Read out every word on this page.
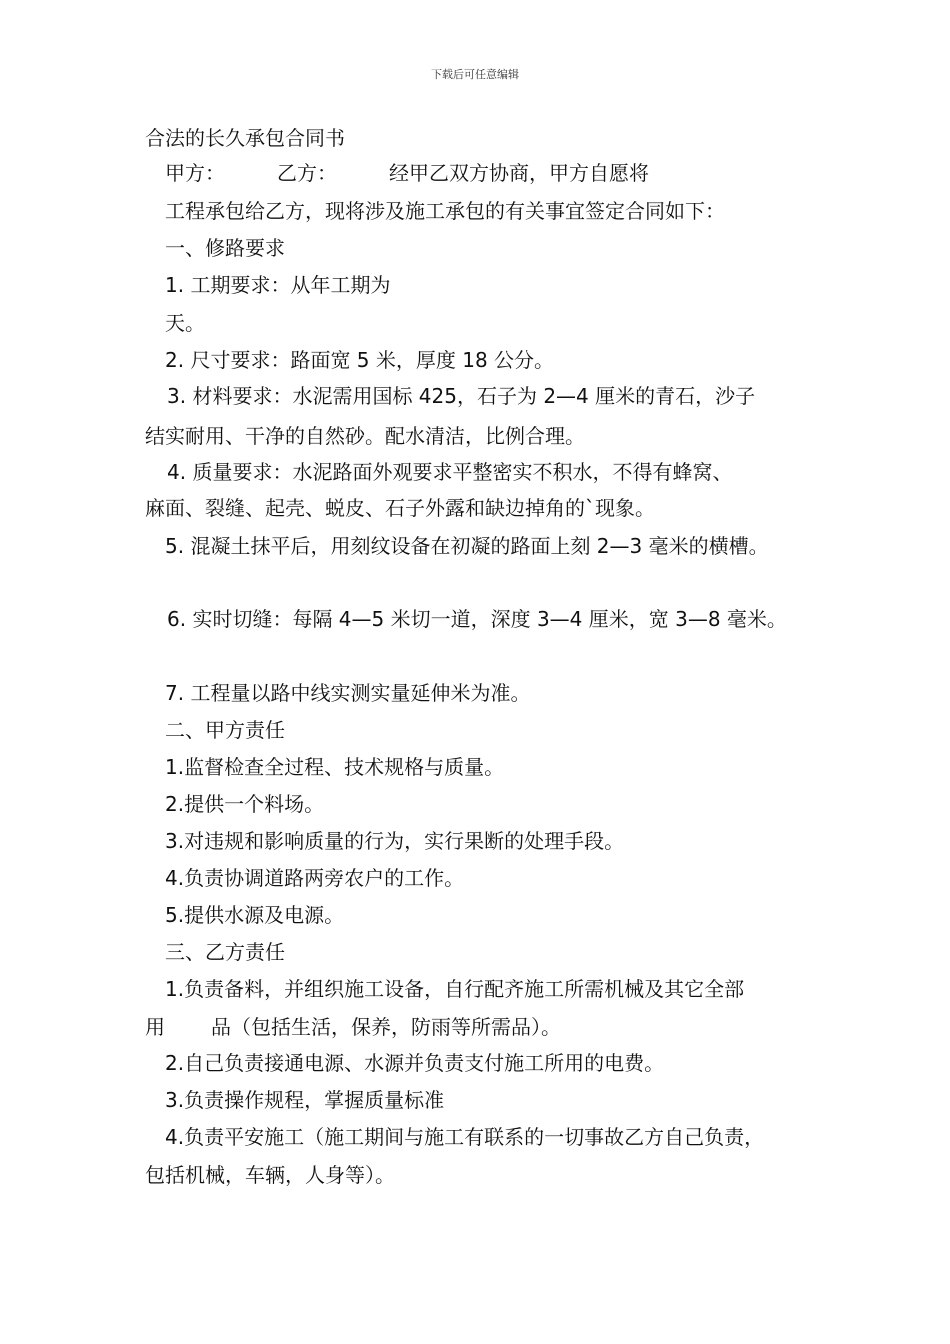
下载后可任意编辑
合法的长久承包合同书
甲方：	乙方：	经甲乙双方协商，甲方自愿将
工程承包给乙方，现将涉及施工承包的有关事宜签定合同如下：
一、修路要求
1. 工期要求：从年工期为
天。
2. 尺寸要求：路面宽 5 米，厚度 18 公分。
3. 材料要求：水泥需用国标 425，石子为 2—4 厘米的青石，沙子
结实耐用、干净的自然砂。配水清洁，比例合理。
4. 质量要求：水泥路面外观要求平整密实不积水，不得有蜂窝、
麻面、裂缝、起壳、蜕皮、石子外露和缺边掉角的`现象。
5. 混凝土抹平后，用刻纹设备在初凝的路面上刻 2—3 毫米的横槽。
6. 实时切缝：每隔 4—5 米切一道，深度 3—4 厘米，宽 3—8 毫米。
7. 工程量以路中线实测实量延伸米为准。
二、甲方责任
1.监督检查全过程、技术规格与质量。
2.提供一个料场。
3.对违规和影响质量的行为，实行果断的处理手段。
4.负责协调道路两旁农户的工作。
5.提供水源及电源。
三、乙方责任
1.负责备料，并组织施工设备，自行配齐施工所需机械及其它全部
用 品（包括生活，保养，防雨等所需品）。
2.自己负责接通电源、水源并负责支付施工所用的电费。
3.负责操作规程，掌握质量标准
4.负责平安施工（施工期间与施工有联系的一切事故乙方自己负责，
包括机械，车辆，人身等）。
